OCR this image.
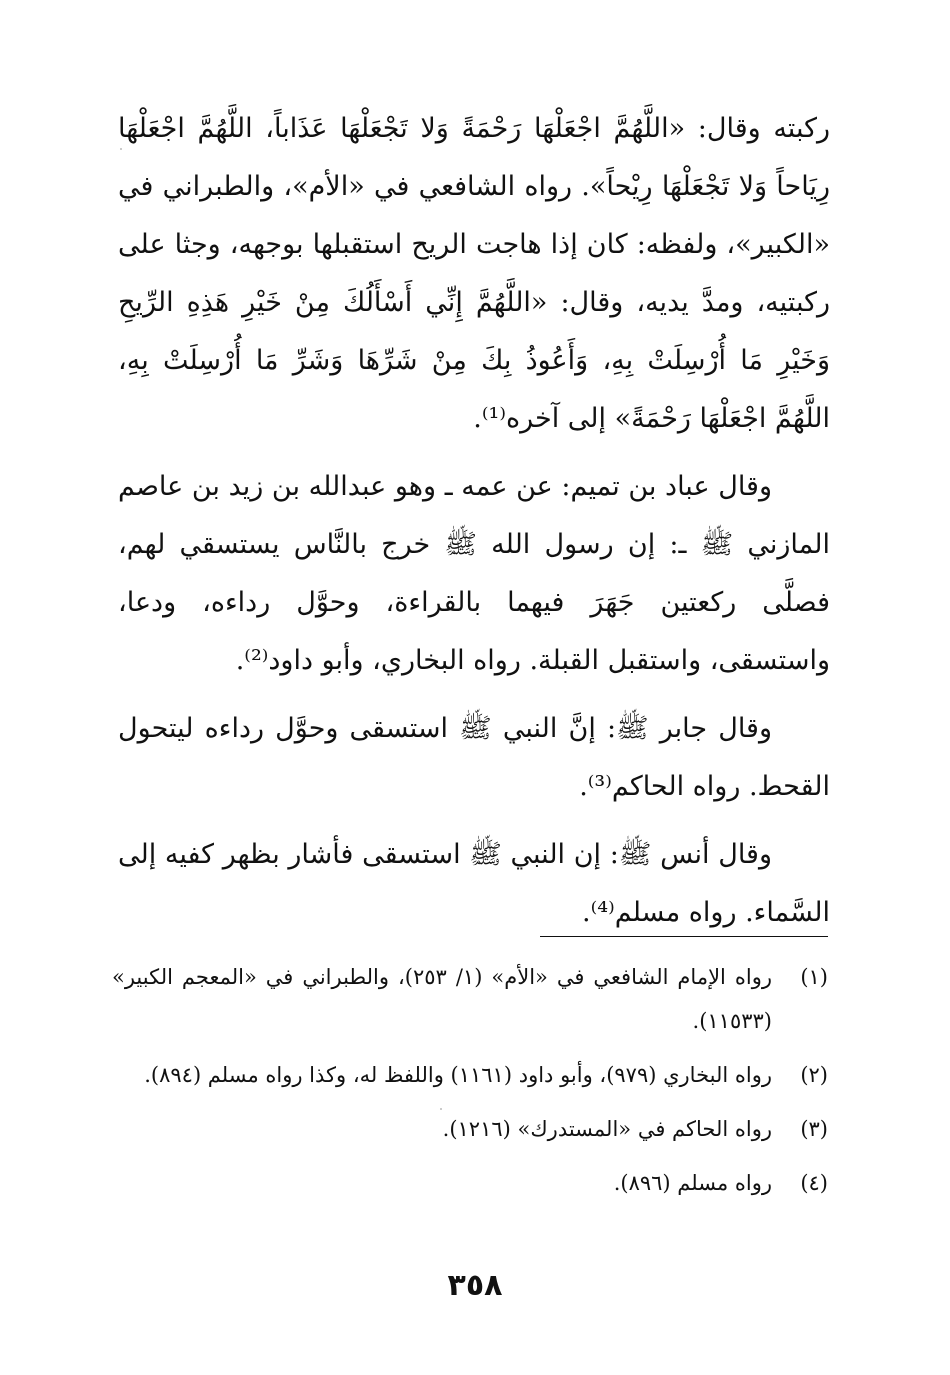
ركبته وقال: «اللَّهُمَّ اجْعَلْهَا رَحْمَةً وَلا تَجْعَلْهَا عَذَاباً، اللَّهُمَّ اجْعَلْهَا رِيَاحاً وَلا تَجْعَلْهَا رِيْحاً». رواه الشافعي في «الأم»، والطبراني في «الكبير»، ولفظه: كان إذا هاجت الريح استقبلها بوجهه، وجثا على ركبتيه، ومدَّ يديه، وقال: «اللَّهُمَّ إِنِّي أَسْأَلُكَ مِنْ خَيْرِ هَذِهِ الرِّيحِ وَخَيْرِ مَا أُرْسِلَتْ بِهِ، وَأَعُوذُ بِكَ مِنْ شَرِّهَا وَشَرِّ مَا أُرْسِلَتْ بِهِ، اللَّهُمَّ اجْعَلْهَا رَحْمَةً» إلى آخره⁽¹⁾.

وقال عباد بن تميم: عن عمه ـ وهو عبدالله بن زيد بن عاصم المازني ﷺ ـ: إن رسول الله ﷺ خرج بالنَّاس يستسقي لهم، فصلَّى ركعتين جَهَرَ فيهما بالقراءة، وحوَّل رداءه، ودعا، واستسقى، واستقبل القبلة. رواه البخاري، وأبو داود⁽²⁾.

وقال جابر ﷺ: إنَّ النبي ﷺ استسقى وحوَّل رداءه ليتحول القحط. رواه الحاكم⁽³⁾.

وقال أنس ﷺ: إن النبي ﷺ استسقى فأشار بظهر كفيه إلى السَّماء. رواه مسلم⁽⁴⁾.

(١)
رواه الإمام الشافعي في «الأم» (١/ ٢٥٣)، والطبراني في «المعجم الكبير» (١١٥٣٣).
(٢)
رواه البخاري (٩٧٩)، وأبو داود (١١٦١) واللفظ له، وكذا رواه مسلم (٨٩٤).
(٣)
رواه الحاكم في «المستدرك» (١٢١٦).
(٤)
رواه مسلم (٨٩٦).
٣٥٨
